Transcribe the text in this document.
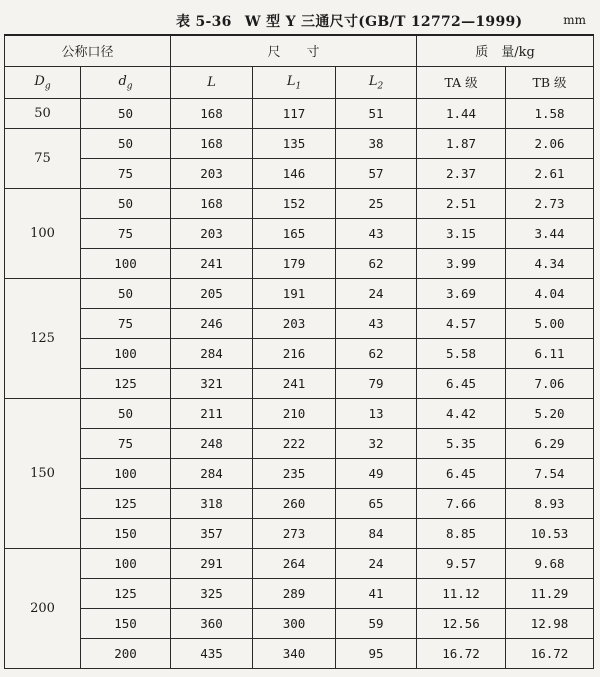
表 5-36 W 型 Y 三通尺寸(GB/T 12772—1999)	mm
公称口径		尺　　寸			质　量/kg	
$D_g$	$d_g$	L	$L_1$	$L_2$	TA 级	TB 级
50	50	168	117	51	1.44	1.58
75	50	168	135	38	1.87	2.06
	75	203	146	57	2.37	2.61
100	50	168	152	25	2.51	2.73
	75	203	165	43	3.15	3.44
	100	241	179	62	3.99	4.34
125	50	205	191	24	3.69	4.04
	75	246	203	43	4.57	5.00
	100	284	216	62	5.58	6.11
	125	321	241	79	6.45	7.06
150	50	211	210	13	4.42	5.20
	75	248	222	32	5.35	6.29
	100	284	235	49	6.45	7.54
	125	318	260	65	7.66	8.93
	150	357	273	84	8.85	10.53
200	100	291	264	24	9.57	9.68
	125	325	289	41	11.12	11.29
	150	360	300	59	12.56	12.98
	200	435	340	95	16.72	16.72
